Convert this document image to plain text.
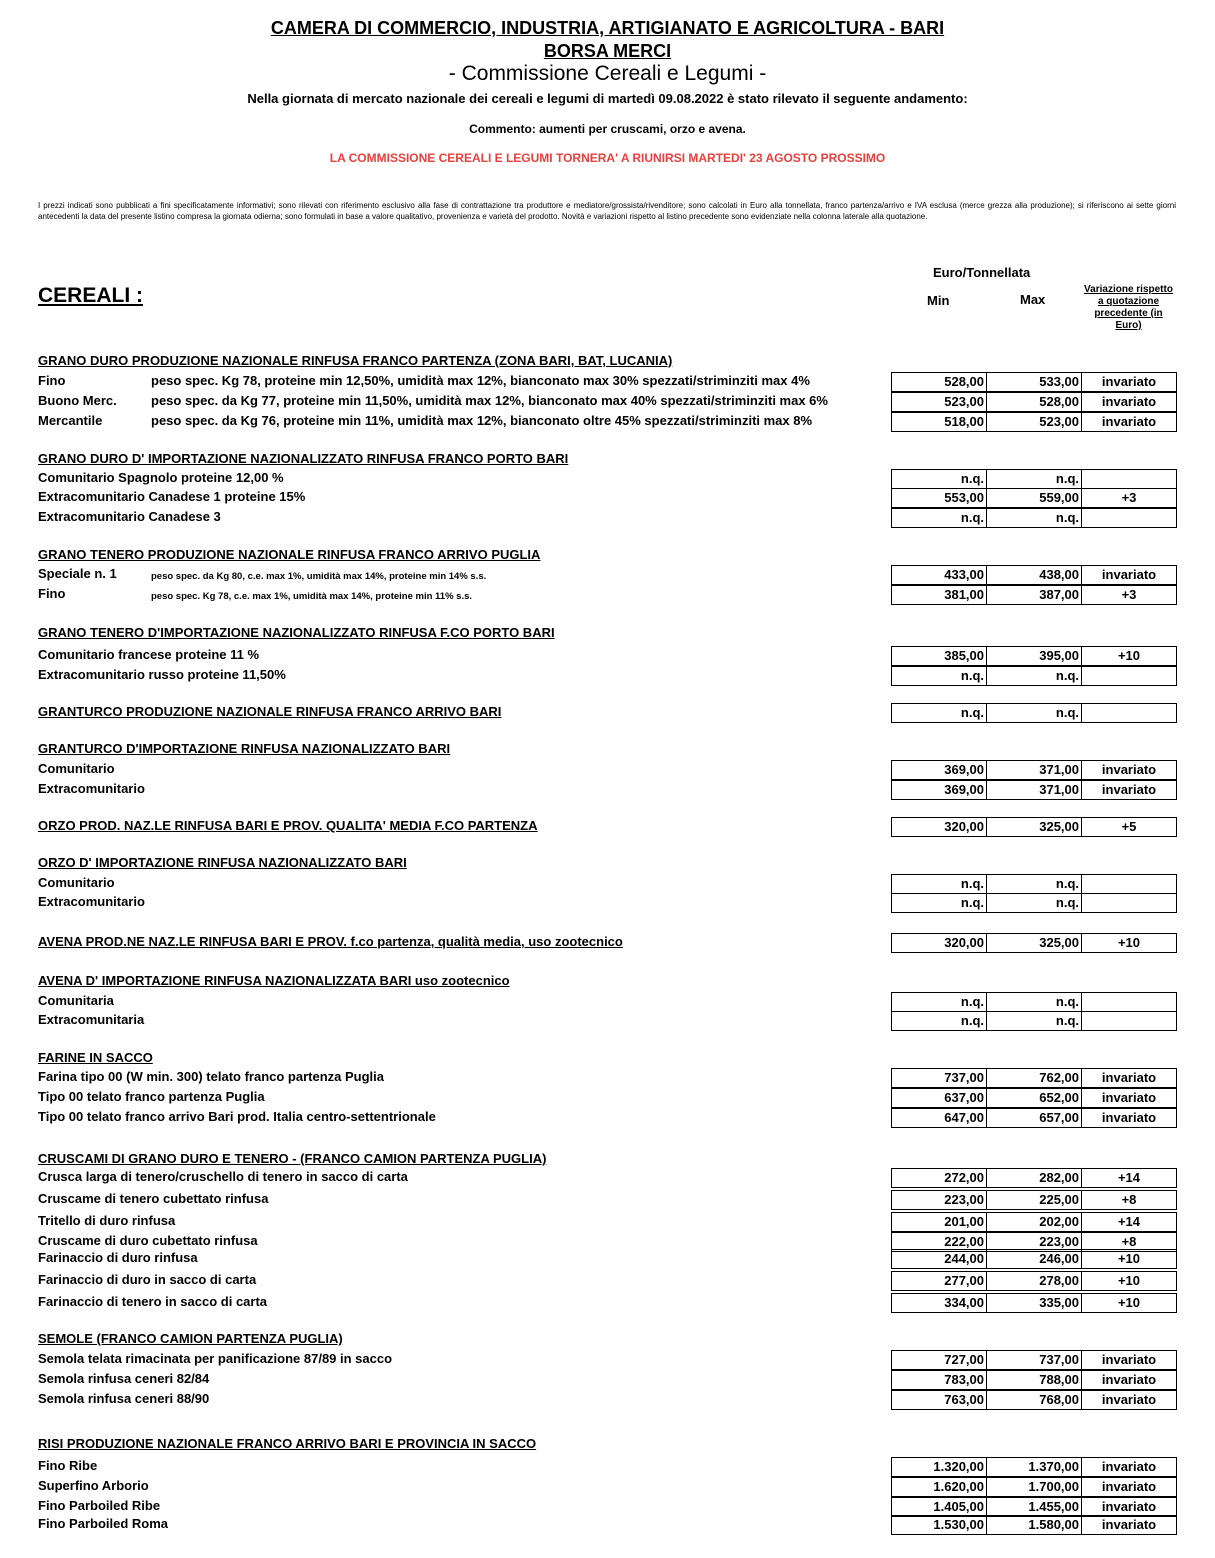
CAMERA DI COMMERCIO, INDUSTRIA, ARTIGIANATO E AGRICOLTURA - BARI
BORSA MERCI
- Commissione Cereali e Legumi -
Nella giornata di mercato nazionale dei cereali e legumi di martedì 09.08.2022 è stato rilevato il seguente andamento:
Commento: aumenti per cruscami, orzo e avena.
LA COMMISSIONE CEREALI E LEGUMI TORNERA' A RIUNIRSI MARTEDI' 23 AGOSTO PROSSIMO
I prezzi indicati sono pubblicati a fini specificatamente informativi; sono rilevati con riferimento esclusivo alla fase di contrattazione tra produttore e mediatore/grossista/rivenditore; sono calcolati in Euro alla tonnellata, franco partenza/arrivo e IVA esclusa (merce grezza alla produzione); si riferiscono ai sette giorni antecedenti la data del presente listino compresa la giornata odierna; sono formulati in base a valore qualitativo, provenienza e varietà del prodotto. Novità e variazioni rispetto al listino precedente sono evidenziate nella colonna laterale alla quotazione.
Euro/Tonnellata
CEREALI :	Min	Max
Variazione rispetto a quotazione precedente (in Euro)
GRANO DURO PRODUZIONE NAZIONALE RINFUSA FRANCO PARTENZA (ZONA BARI, BAT, LUCANIA)
Fino	peso spec. Kg 78, proteine min 12,50%, umidità max 12%, bianconato max 30% spezzati/striminziti max 4%	528,00	533,00	invariato
Buono Merc.	peso spec. da Kg 77, proteine min 11,50%, umidità max 12%, bianconato max 40% spezzati/striminziti max 6%	523,00	528,00	invariato
Mercantile	peso spec. da Kg 76, proteine min 11%, umidità max 12%, bianconato oltre 45% spezzati/striminziti max 8%	518,00	523,00	invariato
GRANO DURO D' IMPORTAZIONE NAZIONALIZZATO RINFUSA FRANCO PORTO BARI
Comunitario Spagnolo proteine 12,00 %	n.q.	n.q.
Extracomunitario Canadese 1 proteine 15%	553,00	559,00	+3
Extracomunitario Canadese 3	n.q.	n.q.
GRANO TENERO PRODUZIONE NAZIONALE RINFUSA FRANCO ARRIVO PUGLIA
Speciale n. 1	peso spec. da Kg 80, c.e. max 1%, umidità max 14%, proteine min 14% s.s.	433,00	438,00	invariato
Fino	peso spec. Kg 78, c.e. max 1%, umidità max 14%, proteine min 11% s.s.	381,00	387,00	+3
GRANO TENERO D'IMPORTAZIONE NAZIONALIZZATO RINFUSA F.CO PORTO BARI
Comunitario francese proteine 11 %	385,00	395,00	+10
Extracomunitario russo proteine 11,50%	n.q.	n.q.
GRANTURCO PRODUZIONE NAZIONALE RINFUSA FRANCO ARRIVO BARI	n.q.	n.q.
GRANTURCO D'IMPORTAZIONE RINFUSA NAZIONALIZZATO BARI
Comunitario	369,00	371,00	invariato
Extracomunitario	369,00	371,00	invariato
ORZO PROD. NAZ.LE RINFUSA BARI E PROV. QUALITA' MEDIA F.CO PARTENZA	320,00	325,00	+5
ORZO D' IMPORTAZIONE RINFUSA NAZIONALIZZATO BARI
Comunitario	n.q.	n.q.
Extracomunitario	n.q.	n.q.
AVENA PROD.NE NAZ.LE RINFUSA BARI E PROV. f.co partenza, qualità media, uso zootecnico	320,00	325,00	+10
AVENA D' IMPORTAZIONE RINFUSA NAZIONALIZZATA BARI uso zootecnico
Comunitaria	n.q.	n.q.
Extracomunitaria	n.q.	n.q.
FARINE IN SACCO
Farina tipo 00 (W min. 300) telato franco partenza Puglia	737,00	762,00	invariato
Tipo 00 telato franco partenza Puglia	637,00	652,00	invariato
Tipo 00 telato franco arrivo Bari prod. Italia centro-settentrionale	647,00	657,00	invariato
CRUSCAMI DI GRANO DURO E TENERO - (FRANCO CAMION PARTENZA PUGLIA)
Crusca larga di tenero/cruschello di tenero in sacco di carta	272,00	282,00	+14
Cruscame di tenero cubettato rinfusa	223,00	225,00	+8
Tritello di duro rinfusa	201,00	202,00	+14
Cruscame di duro cubettato rinfusa	222,00	223,00	+8
Farinaccio di duro rinfusa	244,00	246,00	+10
Farinaccio di duro in sacco di carta	277,00	278,00	+10
Farinaccio di tenero in sacco di carta	334,00	335,00	+10
SEMOLE (FRANCO CAMION PARTENZA PUGLIA)
Semola telata rimacinata per panificazione 87/89 in sacco	727,00	737,00	invariato
Semola rinfusa ceneri 82/84	783,00	788,00	invariato
Semola rinfusa ceneri 88/90	763,00	768,00	invariato
RISI PRODUZIONE NAZIONALE FRANCO ARRIVO BARI E PROVINCIA IN SACCO
Fino Ribe	1.320,00	1.370,00	invariato
Superfino Arborio	1.620,00	1.700,00	invariato
Fino Parboiled Ribe	1.405,00	1.455,00	invariato
Fino Parboiled Roma	1.530,00	1.580,00	invariato
